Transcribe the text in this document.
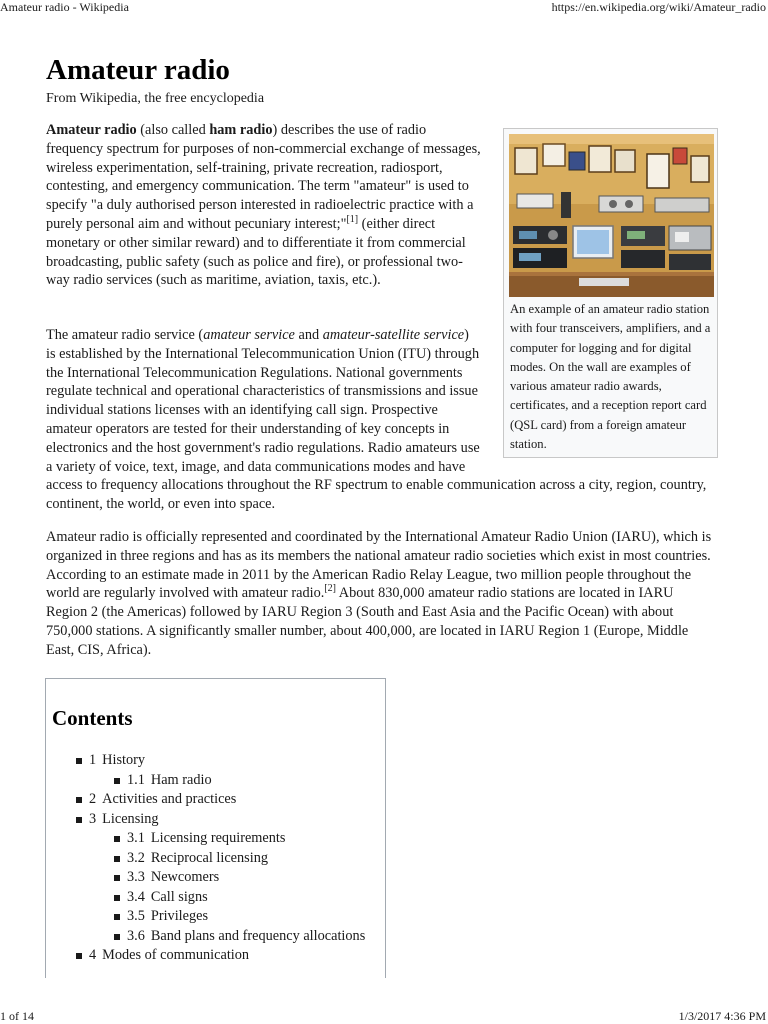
Amateur radio - Wikipedia	https://en.wikipedia.org/wiki/Amateur_radio
Amateur radio
From Wikipedia, the free encyclopedia

Amateur radio (also called ham radio) describes the use of radio frequency spectrum for purposes of non-commercial exchange of messages, wireless experimentation, self-training, private recreation, radiosport, contesting, and emergency communication. The term "amateur" is used to specify "a duly authorised person interested in radioelectric practice with a purely personal aim and without pecuniary interest;"[1] (either direct monetary or other similar reward) and to differentiate it from commercial broadcasting, public safety (such as police and fire), or professional two-way radio services (such as maritime, aviation, taxis, etc.).

The amateur radio service (amateur service and amateur-satellite service) is established by the International Telecommunication Union (ITU) through the International Telecommunication Regulations. National governments regulate technical and operational characteristics of transmissions and issue individual stations licenses with an identifying call sign. Prospective amateur operators are tested for their understanding of key concepts in electronics and the host government's radio regulations. Radio amateurs use a variety of voice, text, image, and data communications modes and have access to frequency allocations throughout the RF spectrum to enable communication across a city, region, country, continent, the world, or even into space.

Amateur radio is officially represented and coordinated by the International Amateur Radio Union (IARU), which is organized in three regions and has as its members the national amateur radio societies which exist in most countries. According to an estimate made in 2011 by the American Radio Relay League, two million people throughout the world are regularly involved with amateur radio.[2] About 830,000 amateur radio stations are located in IARU Region 2 (the Americas) followed by IARU Region 3 (South and East Asia and the Pacific Ocean) with about 750,000 stations. A significantly smaller number, about 400,000, are located in IARU Region 1 (Europe, Middle East, CIS, Africa).

An example of an amateur radio station with four transceivers, amplifiers, and a computer for logging and for digital modes. On the wall are examples of various amateur radio awards, certificates, and a reception report card (QSL card) from a foreign amateur station.
Contents
1 History
1.1 Ham radio
2 Activities and practices
3 Licensing
3.1 Licensing requirements
3.2 Reciprocal licensing
3.3 Newcomers
3.4 Call signs
3.5 Privileges
3.6 Band plans and frequency allocations
4 Modes of communication
1 of 14	1/3/2017 4:36 PM
